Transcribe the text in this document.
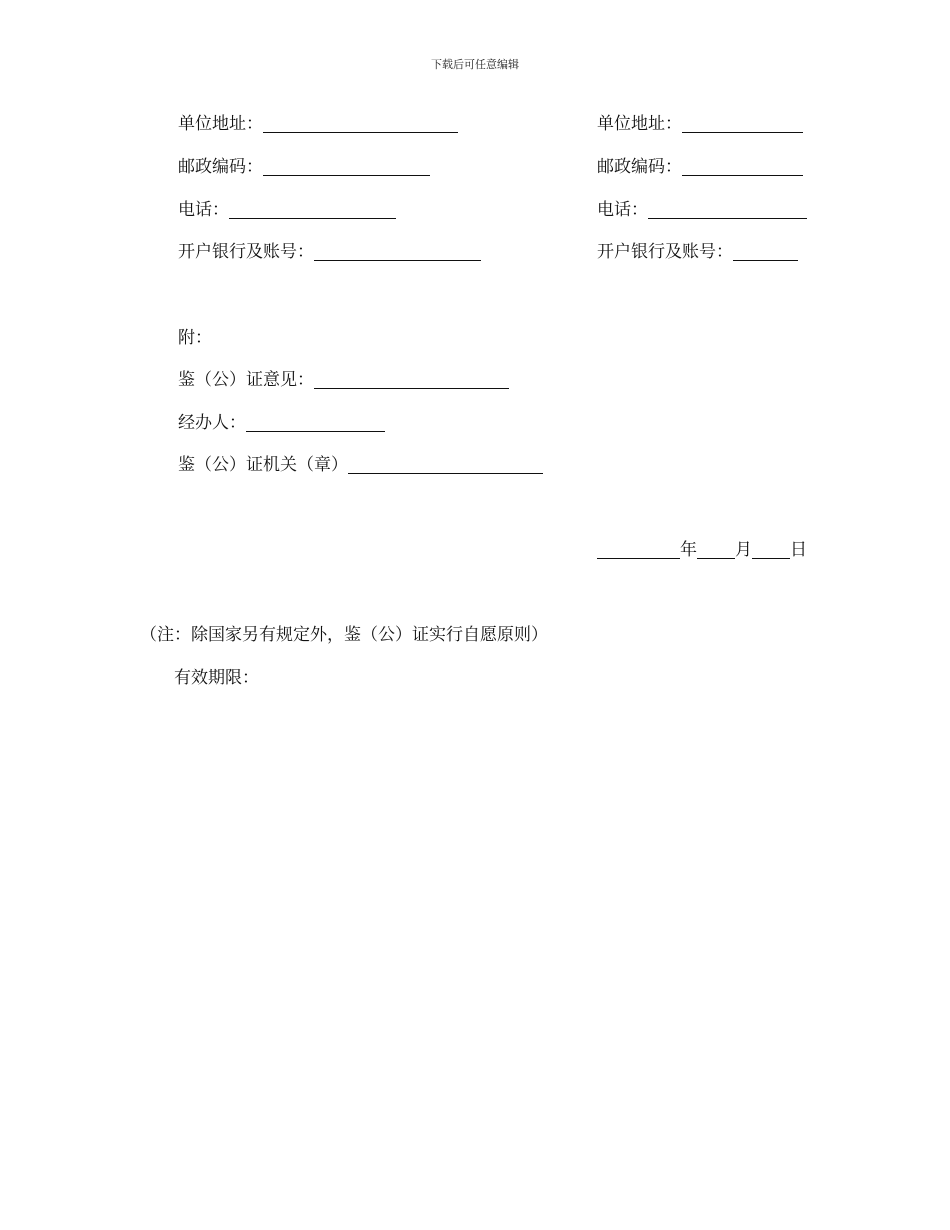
下载后可任意编辑
单位地址：
邮政编码：
电话：
开户银行及账号：
单位地址：
邮政编码：
电话：
开户银行及账号：
附：
鉴（公）证意见：
经办人：
鉴（公）证机关（章）
年 月 日
（注：除国家另有规定外，鉴（公）证实行自愿原则）
有效期限：
